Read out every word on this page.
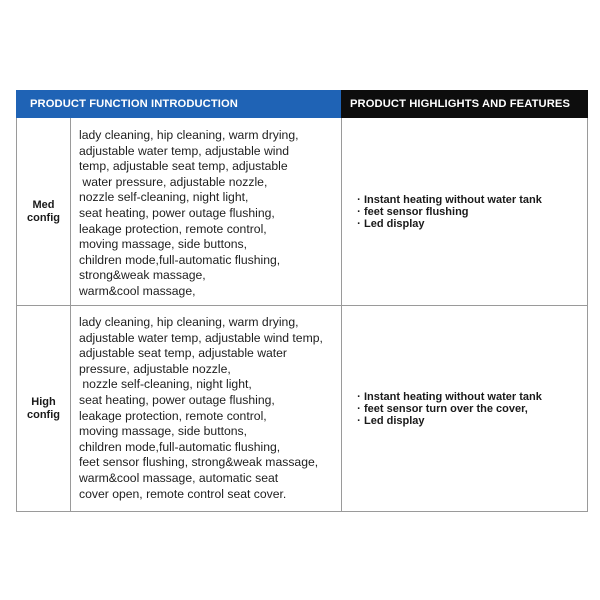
PRODUCT FUNCTION INTRODUCTION	PRODUCT HIGHLIGHTS AND FEATURES
Med
config
lady cleaning, hip cleaning, warm drying,
adjustable water temp, adjustable wind
temp, adjustable seat temp, adjustable
water pressure, adjustable nozzle,
nozzle self-cleaning, night light,
seat heating, power outage flushing,
leakage protection, remote control,
moving massage, side buttons,
children mode,full-automatic flushing,
strong&weak massage,
warm&cool massage,
· Instant heating without water tank
· feet sensor flushing
· Led display
High
config
lady cleaning, hip cleaning, warm drying,
adjustable water temp, adjustable wind temp,
adjustable seat temp, adjustable water
pressure, adjustable nozzle,
nozzle self-cleaning, night light,
seat heating, power outage flushing,
leakage protection, remote control,
moving massage, side buttons,
children mode,full-automatic flushing,
feet sensor flushing, strong&weak massage,
warm&cool massage, automatic seat
cover open, remote control seat cover.
· Instant heating without water tank
· feet sensor turn over the cover,
· Led display
